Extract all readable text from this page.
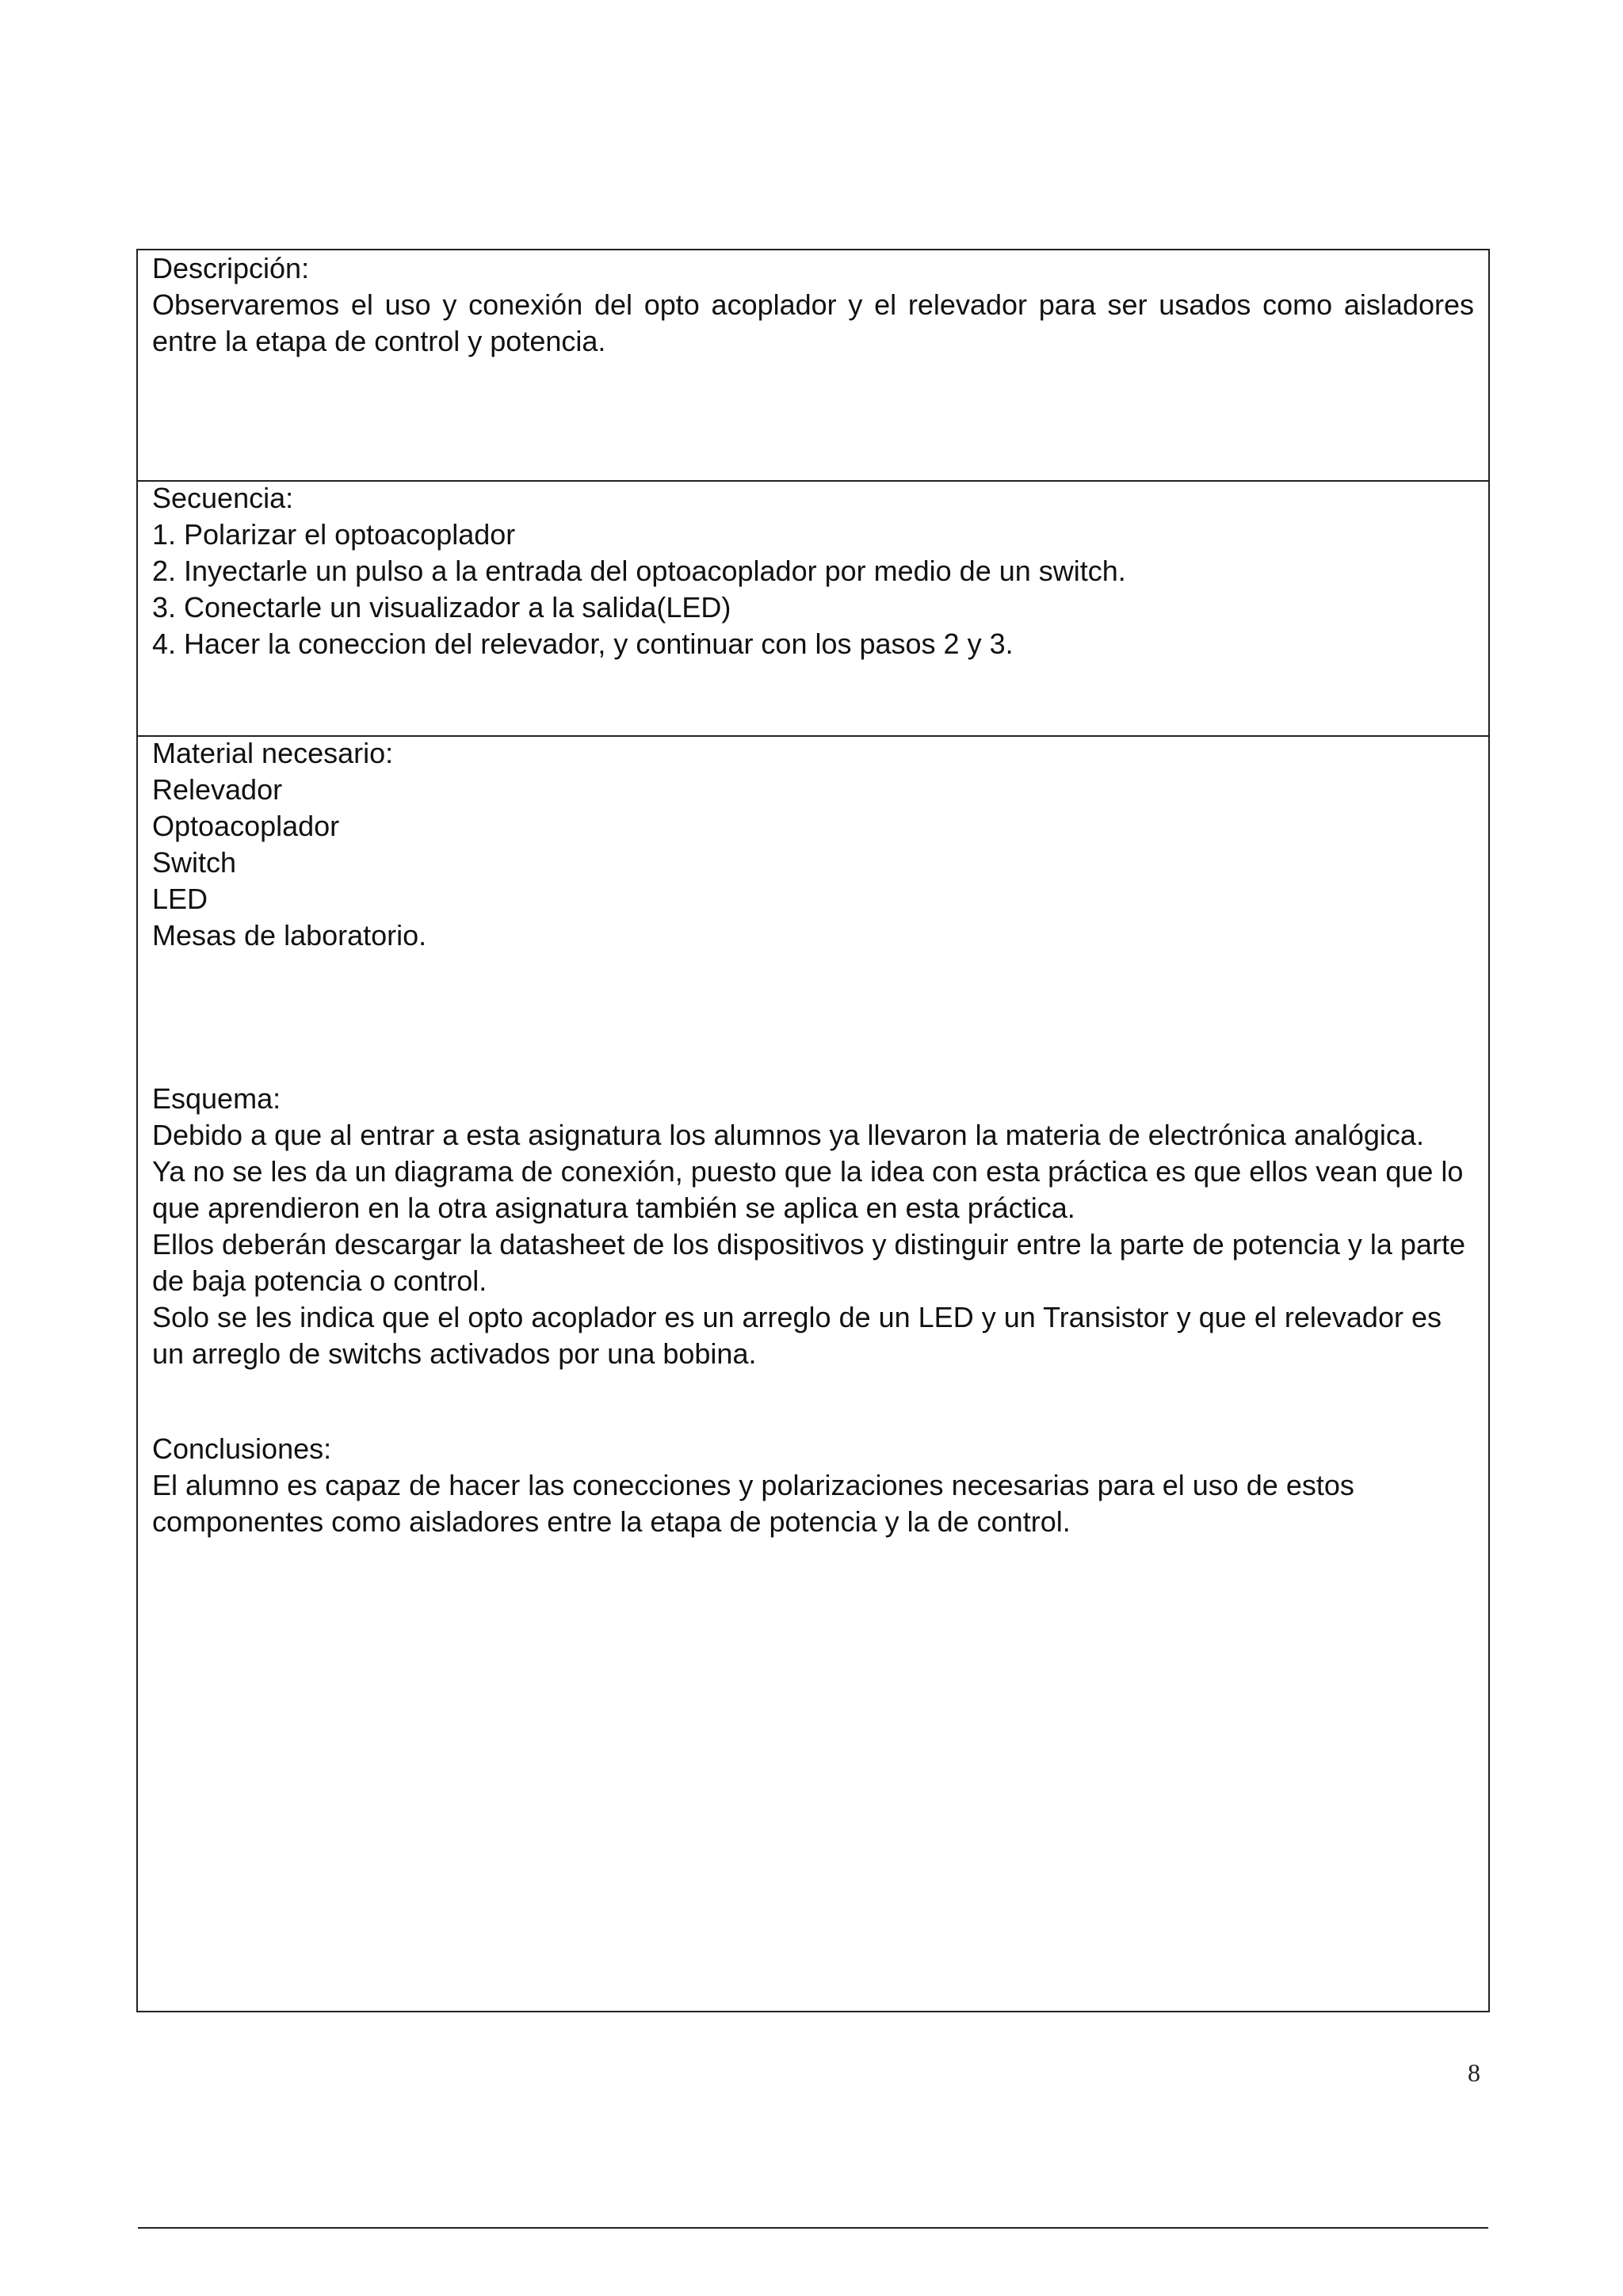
Descripción:

Observaremos el uso y conexión del opto acoplador y el relevador para ser usados como aisladores entre la etapa de control y potencia.

Secuencia:
1. Polarizar el optoacoplador
2. Inyectarle un pulso a la entrada del optoacoplador por medio de un switch.
3. Conectarle un visualizador a la salida(LED)
4. Hacer la coneccion del relevador, y continuar con los pasos 2 y 3.
Material necesario:
Relevador
Optoacoplador
Switch
LED
Mesas de laboratorio.
Esquema:

Debido a que al entrar a esta asignatura los alumnos ya llevaron la materia de electrónica analógica.

Ya no se les da un diagrama de conexión, puesto que la idea con esta práctica es que ellos vean que lo que aprendieron en la otra asignatura también se aplica en esta práctica.

Ellos deberán descargar la datasheet de los dispositivos y distinguir entre la parte de potencia y la parte de baja potencia o control.

Solo se les indica que el opto acoplador es un arreglo de un LED y un Transistor y que el relevador es un arreglo de switchs activados por una bobina.

Conclusiones:

El alumno es capaz de hacer las conecciones y polarizaciones necesarias para el uso de estos componentes como aisladores entre la etapa de potencia y la de control.

8
